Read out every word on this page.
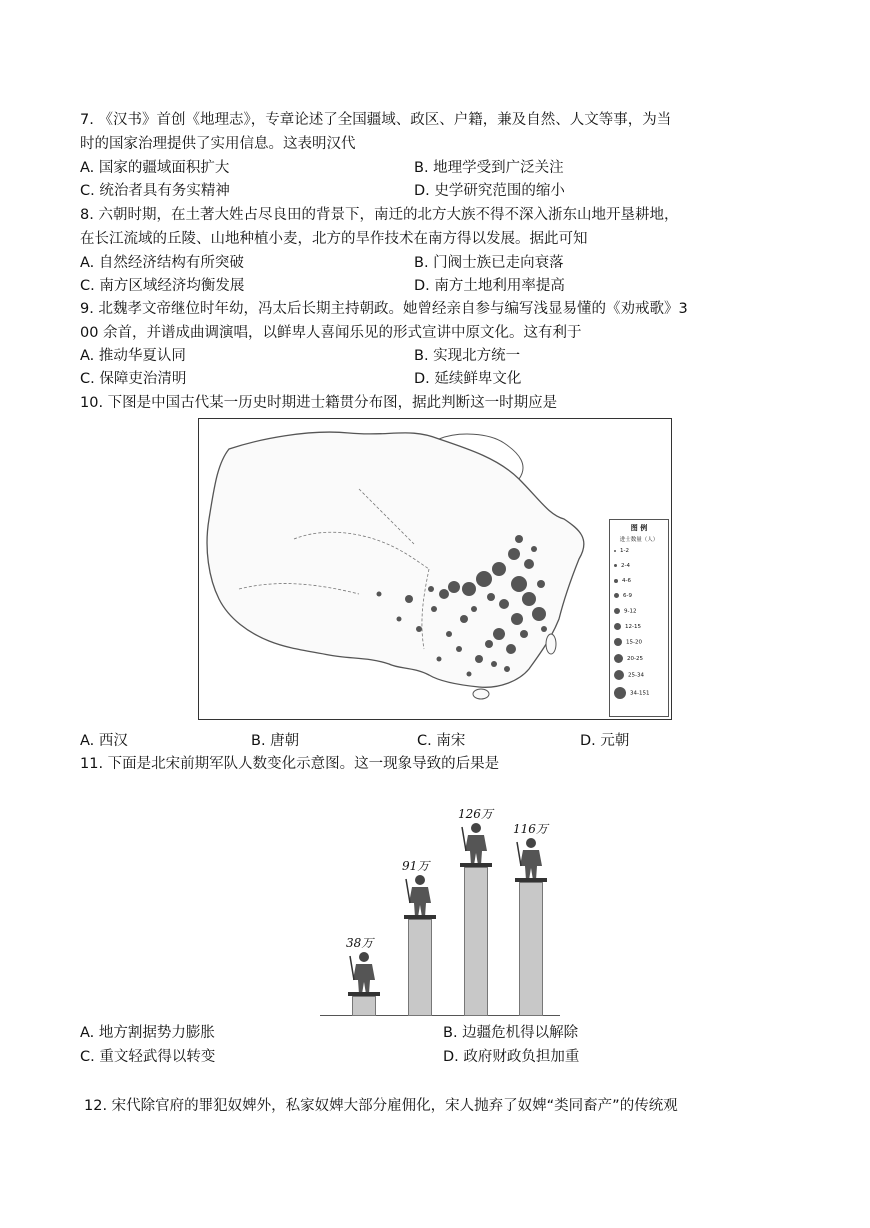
7. 《汉书》首创《地理志》，专章论述了全国疆域、政区、户籍，兼及自然、人文等事，为当
时的国家治理提供了实用信息。这表明汉代
A. 国家的疆域面积扩大	B. 地理学受到广泛关注
C. 统治者具有务实精神	D. 史学研究范围的缩小
8. 六朝时期，在土著大姓占尽良田的背景下，南迁的北方大族不得不深入浙东山地开垦耕地，
在长江流域的丘陵、山地种植小麦，北方的旱作技术在南方得以发展。据此可知
A. 自然经济结构有所突破	B. 门阀士族已走向衰落
C. 南方区域经济均衡发展	D. 南方土地利用率提高
9. 北魏孝文帝继位时年幼，冯太后长期主持朝政。她曾经亲自参与编写浅显易懂的《劝戒歌》3
00 余首，并谱成曲调演唱，以鲜卑人喜闻乐见的形式宣讲中原文化。这有利于
A. 推动华夏认同	B. 实现北方统一
C. 保障吏治清明	D. 延续鲜卑文化
10. 下图是中国古代某一历史时期进士籍贯分布图，据此判断这一时期应是
图 例
进士数量（人）
1-2
2-4
4-6
6-9
9-12
12-15
15-20
20-25
25-34
34-151
A. 西汉	B. 唐朝	C. 南宋	D. 元朝
11. 下面是北宋前期军队人数变化示意图。这一现象导致的后果是
38万
91万
126万
116万
A. 地方割据势力膨胀	B. 边疆危机得以解除
C. 重文轻武得以转变	D. 政府财政负担加重
12. 宋代除官府的罪犯奴婢外，私家奴婢大部分雇佣化，宋人抛弃了奴婢“类同畜产”的传统观
